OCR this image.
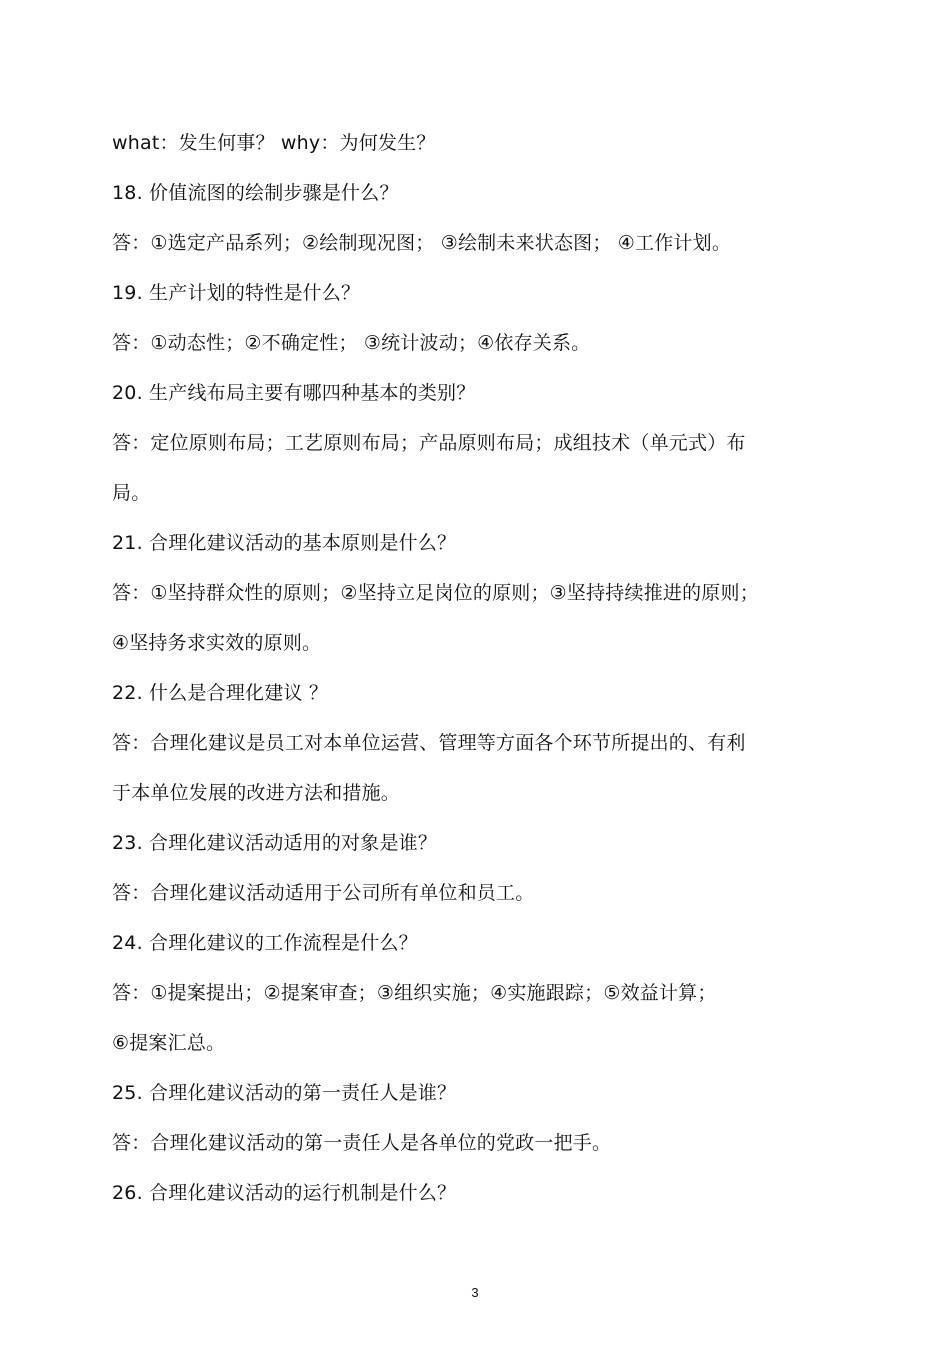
what：发生何事？ why：为何发生？
18. 价值流图的绘制步骤是什么？
答：①选定产品系列；②绘制现况图； ③绘制未来状态图； ④工作计划。
19. 生产计划的特性是什么？
答：①动态性；②不确定性； ③统计波动；④依存关系。
20. 生产线布局主要有哪四种基本的类别？
答：定位原则布局；工艺原则布局；产品原则布局；成组技术（单元式）布
局。
21. 合理化建议活动的基本原则是什么？
答：①坚持群众性的原则；②坚持立足岗位的原则；③坚持持续推进的原则；
④坚持务求实效的原则。
22. 什么是合理化建议 ？
答：合理化建议是员工对本单位运营、管理等方面各个环节所提出的、有利
于本单位发展的改进方法和措施。
23. 合理化建议活动适用的对象是谁？
答：合理化建议活动适用于公司所有单位和员工。
24. 合理化建议的工作流程是什么？
答：①提案提出；②提案审查；③组织实施；④实施跟踪；⑤效益计算；
⑥提案汇总。
25. 合理化建议活动的第一责任人是谁？
答：合理化建议活动的第一责任人是各单位的党政一把手。
26. 合理化建议活动的运行机制是什么？
3
